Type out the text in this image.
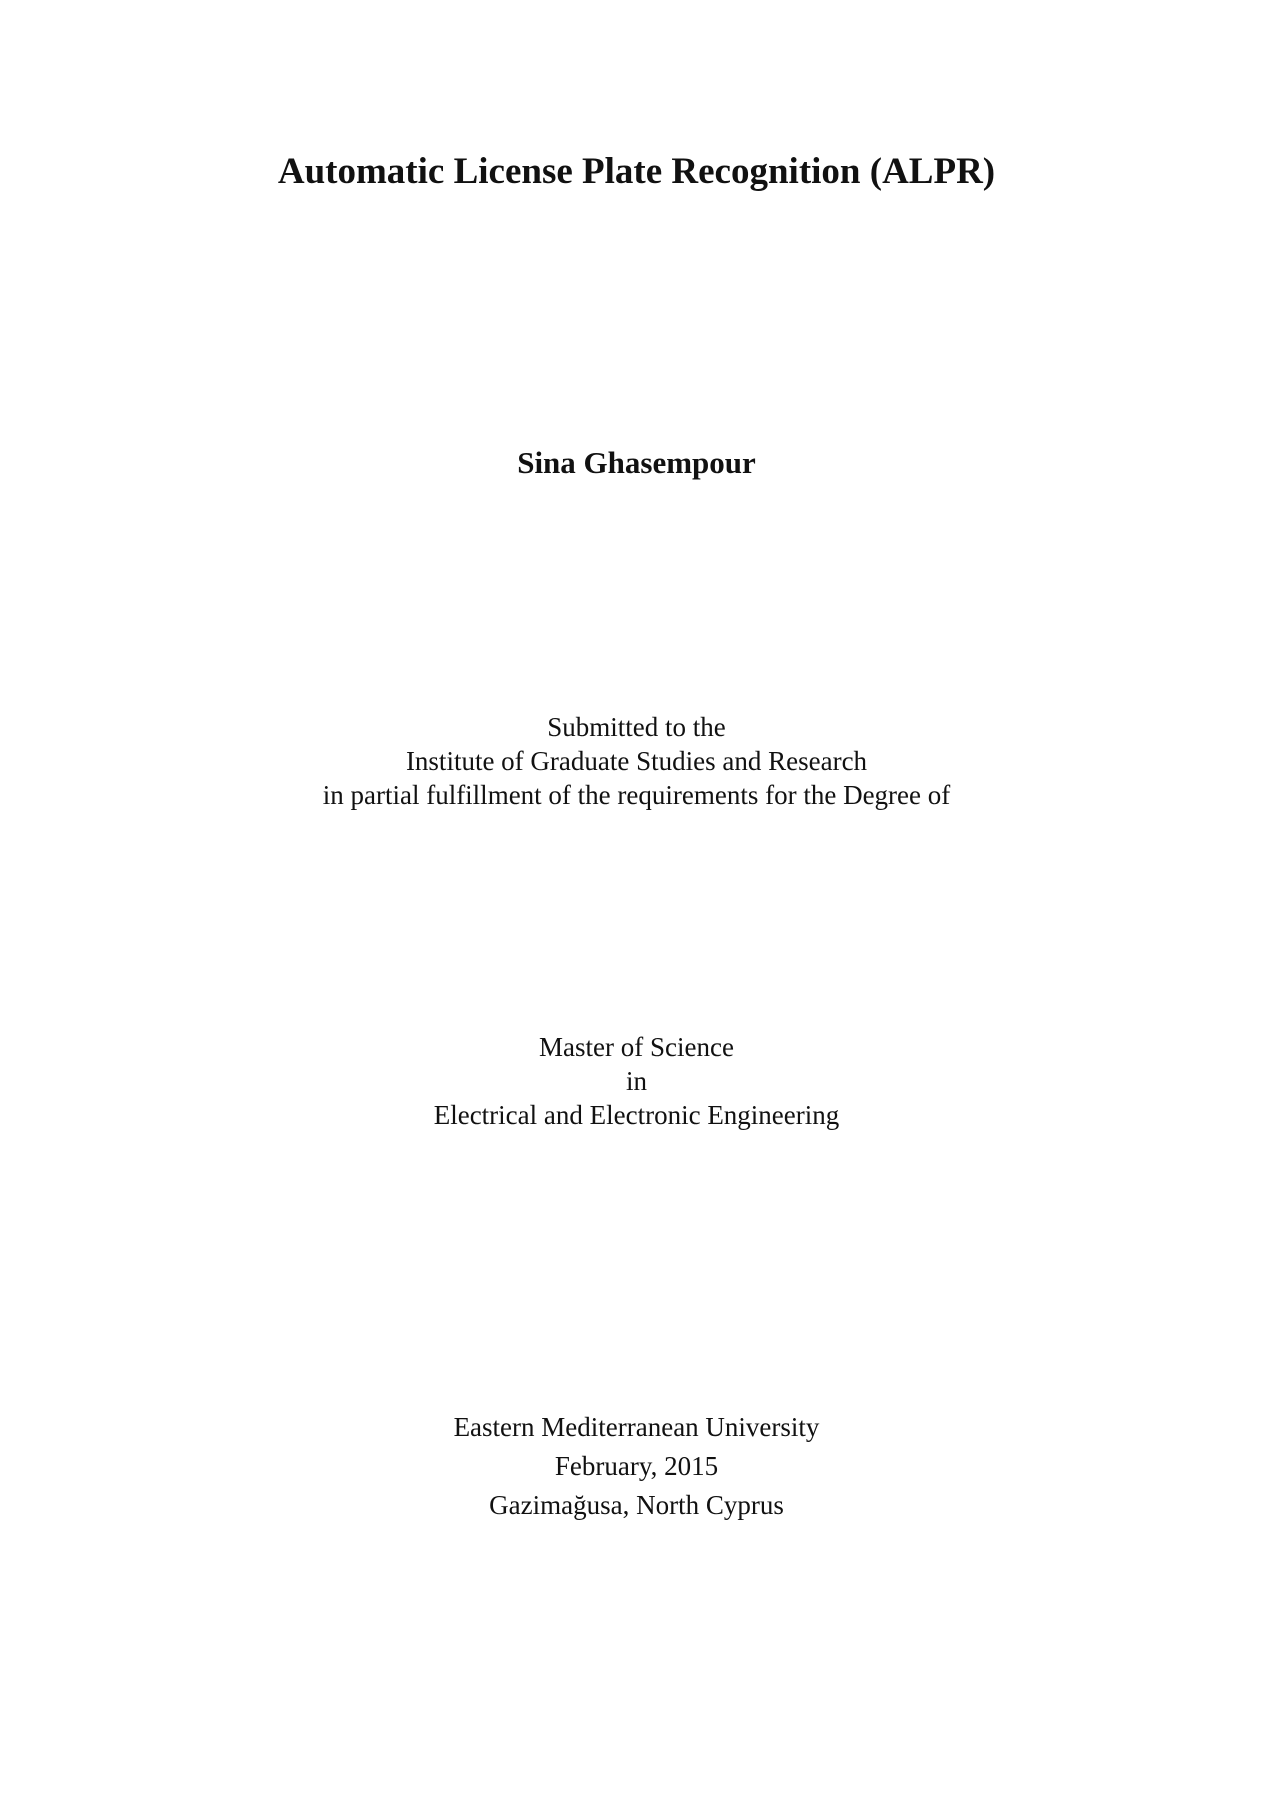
Automatic License Plate Recognition (ALPR)
Sina Ghasempour
Submitted to the
Institute of Graduate Studies and Research
in partial fulfillment of the requirements for the Degree of
Master of Science
in
Electrical and Electronic Engineering
Eastern Mediterranean University
February, 2015
Gazimağusa, North Cyprus
